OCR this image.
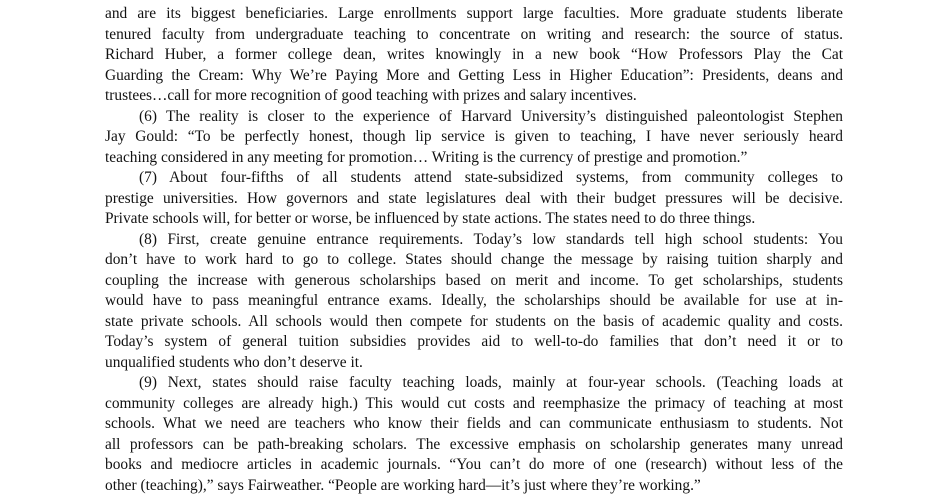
and are its biggest beneficiaries. Large enrollments support large faculties. More graduate students liberate
tenured faculty from undergraduate teaching to concentrate on writing and research: the source of status.
Richard Huber, a former college dean, writes knowingly in a new book “How Professors Play the Cat
Guarding the Cream: Why We’re Paying More and Getting Less in Higher Education”: Presidents, deans and
trustees…call for more recognition of good teaching with prizes and salary incentives.
(6) The reality is closer to the experience of Harvard University’s distinguished paleontologist Stephen
Jay Gould: “To be perfectly honest, though lip service is given to teaching, I have never seriously heard
teaching considered in any meeting for promotion… Writing is the currency of prestige and promotion.”
(7) About four-fifths of all students attend state-subsidized systems, from community colleges to
prestige universities. How governors and state legislatures deal with their budget pressures will be decisive.
Private schools will, for better or worse, be influenced by state actions. The states need to do three things.
(8) First, create genuine entrance requirements. Today’s low standards tell high school students: You
don’t have to work hard to go to college. States should change the message by raising tuition sharply and
coupling the increase with generous scholarships based on merit and income. To get scholarships, students
would have to pass meaningful entrance exams. Ideally, the scholarships should be available for use at in-
state private schools. All schools would then compete for students on the basis of academic quality and costs.
Today’s system of general tuition subsidies provides aid to well-to-do families that don’t need it or to
unqualified students who don’t deserve it.
(9) Next, states should raise faculty teaching loads, mainly at four-year schools. (Teaching loads at
community colleges are already high.) This would cut costs and reemphasize the primacy of teaching at most
schools. What we need are teachers who know their fields and can communicate enthusiasm to students. Not
all professors can be path-breaking scholars. The excessive emphasis on scholarship generates many unread
books and mediocre articles in academic journals. “You can’t do more of one (research) without less of the
other (teaching),” says Fairweather. “People are working hard—it’s just where they’re working.”
